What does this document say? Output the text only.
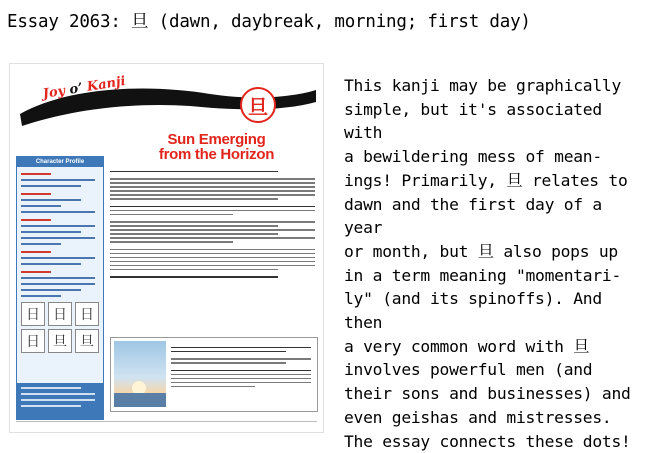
Essay 2063: 旦 (dawn, daybreak, morning; first day)
Joy o’ Kanji
旦
Character Profile
日 日 日
日 旦 旦
Sun Emerging
from the Horizon

This kanji may be graphically
simple, but it's associated with
a bewildering mess of mean-
ings! Primarily, 旦 relates to
dawn and the first day of a year
or month, but 旦 also pops up
in a term meaning "momentari-
ly" (and its spinoffs). And then
a very common word with 旦
involves powerful men (and
their sons and businesses) and
even geishas and mistresses.
The essay connects these dots!
